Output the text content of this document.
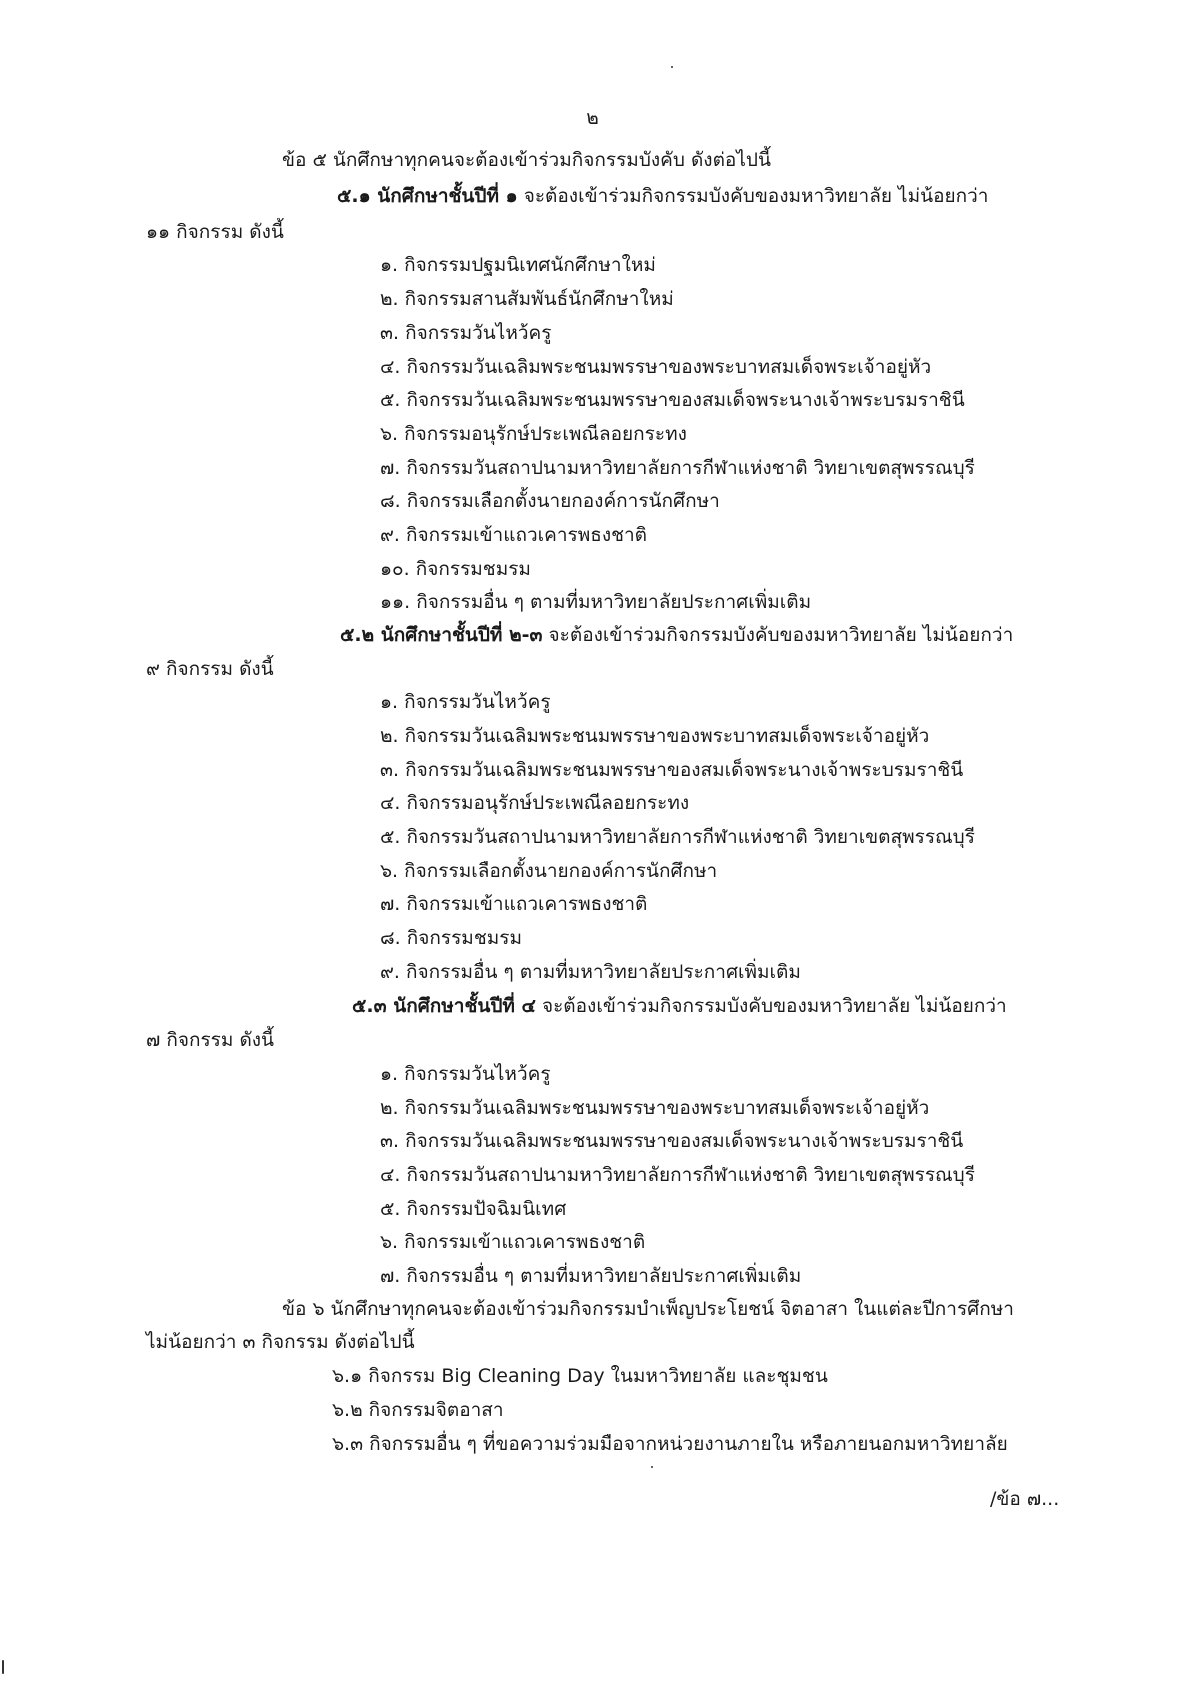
๒
ข้อ ๕ นักศึกษาทุกคนจะต้องเข้าร่วมกิจกรรมบังคับ ดังต่อไปนี้
๕.๑ นักศึกษาชั้นปีที่ ๑ จะต้องเข้าร่วมกิจกรรมบังคับของมหาวิทยาลัย ไม่น้อยกว่า
๑๑ กิจกรรม ดังนี้
๑. กิจกรรมปฐมนิเทศนักศึกษาใหม่
๒. กิจกรรมสานสัมพันธ์นักศึกษาใหม่
๓. กิจกรรมวันไหว้ครู
๔. กิจกรรมวันเฉลิมพระชนมพรรษาของพระบาทสมเด็จพระเจ้าอยู่หัว
๕. กิจกรรมวันเฉลิมพระชนมพรรษาของสมเด็จพระนางเจ้าพระบรมราชินี
๖. กิจกรรมอนุรักษ์ประเพณีลอยกระทง
๗. กิจกรรมวันสถาปนามหาวิทยาลัยการกีฬาแห่งชาติ วิทยาเขตสุพรรณบุรี
๘. กิจกรรมเลือกตั้งนายกองค์การนักศึกษา
๙. กิจกรรมเข้าแถวเคารพธงชาติ
๑๐. กิจกรรมชมรม
๑๑. กิจกรรมอื่น ๆ ตามที่มหาวิทยาลัยประกาศเพิ่มเติม
๕.๒ นักศึกษาชั้นปีที่ ๒-๓ จะต้องเข้าร่วมกิจกรรมบังคับของมหาวิทยาลัย ไม่น้อยกว่า
๙ กิจกรรม ดังนี้
๑. กิจกรรมวันไหว้ครู
๒. กิจกรรมวันเฉลิมพระชนมพรรษาของพระบาทสมเด็จพระเจ้าอยู่หัว
๓. กิจกรรมวันเฉลิมพระชนมพรรษาของสมเด็จพระนางเจ้าพระบรมราชินี
๔. กิจกรรมอนุรักษ์ประเพณีลอยกระทง
๕. กิจกรรมวันสถาปนามหาวิทยาลัยการกีฬาแห่งชาติ วิทยาเขตสุพรรณบุรี
๖. กิจกรรมเลือกตั้งนายกองค์การนักศึกษา
๗. กิจกรรมเข้าแถวเคารพธงชาติ
๘. กิจกรรมชมรม
๙. กิจกรรมอื่น ๆ ตามที่มหาวิทยาลัยประกาศเพิ่มเติม
๕.๓ นักศึกษาชั้นปีที่ ๔ จะต้องเข้าร่วมกิจกรรมบังคับของมหาวิทยาลัย ไม่น้อยกว่า
๗ กิจกรรม ดังนี้
๑. กิจกรรมวันไหว้ครู
๒. กิจกรรมวันเฉลิมพระชนมพรรษาของพระบาทสมเด็จพระเจ้าอยู่หัว
๓. กิจกรรมวันเฉลิมพระชนมพรรษาของสมเด็จพระนางเจ้าพระบรมราชินี
๔. กิจกรรมวันสถาปนามหาวิทยาลัยการกีฬาแห่งชาติ วิทยาเขตสุพรรณบุรี
๕. กิจกรรมปัจฉิมนิเทศ
๖. กิจกรรมเข้าแถวเคารพธงชาติ
๗. กิจกรรมอื่น ๆ ตามที่มหาวิทยาลัยประกาศเพิ่มเติม
ข้อ ๖ นักศึกษาทุกคนจะต้องเข้าร่วมกิจกรรมบำเพ็ญประโยชน์ จิตอาสา ในแต่ละปีการศึกษา
ไม่น้อยกว่า ๓ กิจกรรม ดังต่อไปนี้
๖.๑ กิจกรรม Big Cleaning Day ในมหาวิทยาลัย และชุมชน
๖.๒ กิจกรรมจิตอาสา
๖.๓ กิจกรรมอื่น ๆ ที่ขอความร่วมมือจากหน่วยงานภายใน หรือภายนอกมหาวิทยาลัย
/ข้อ ๗...
